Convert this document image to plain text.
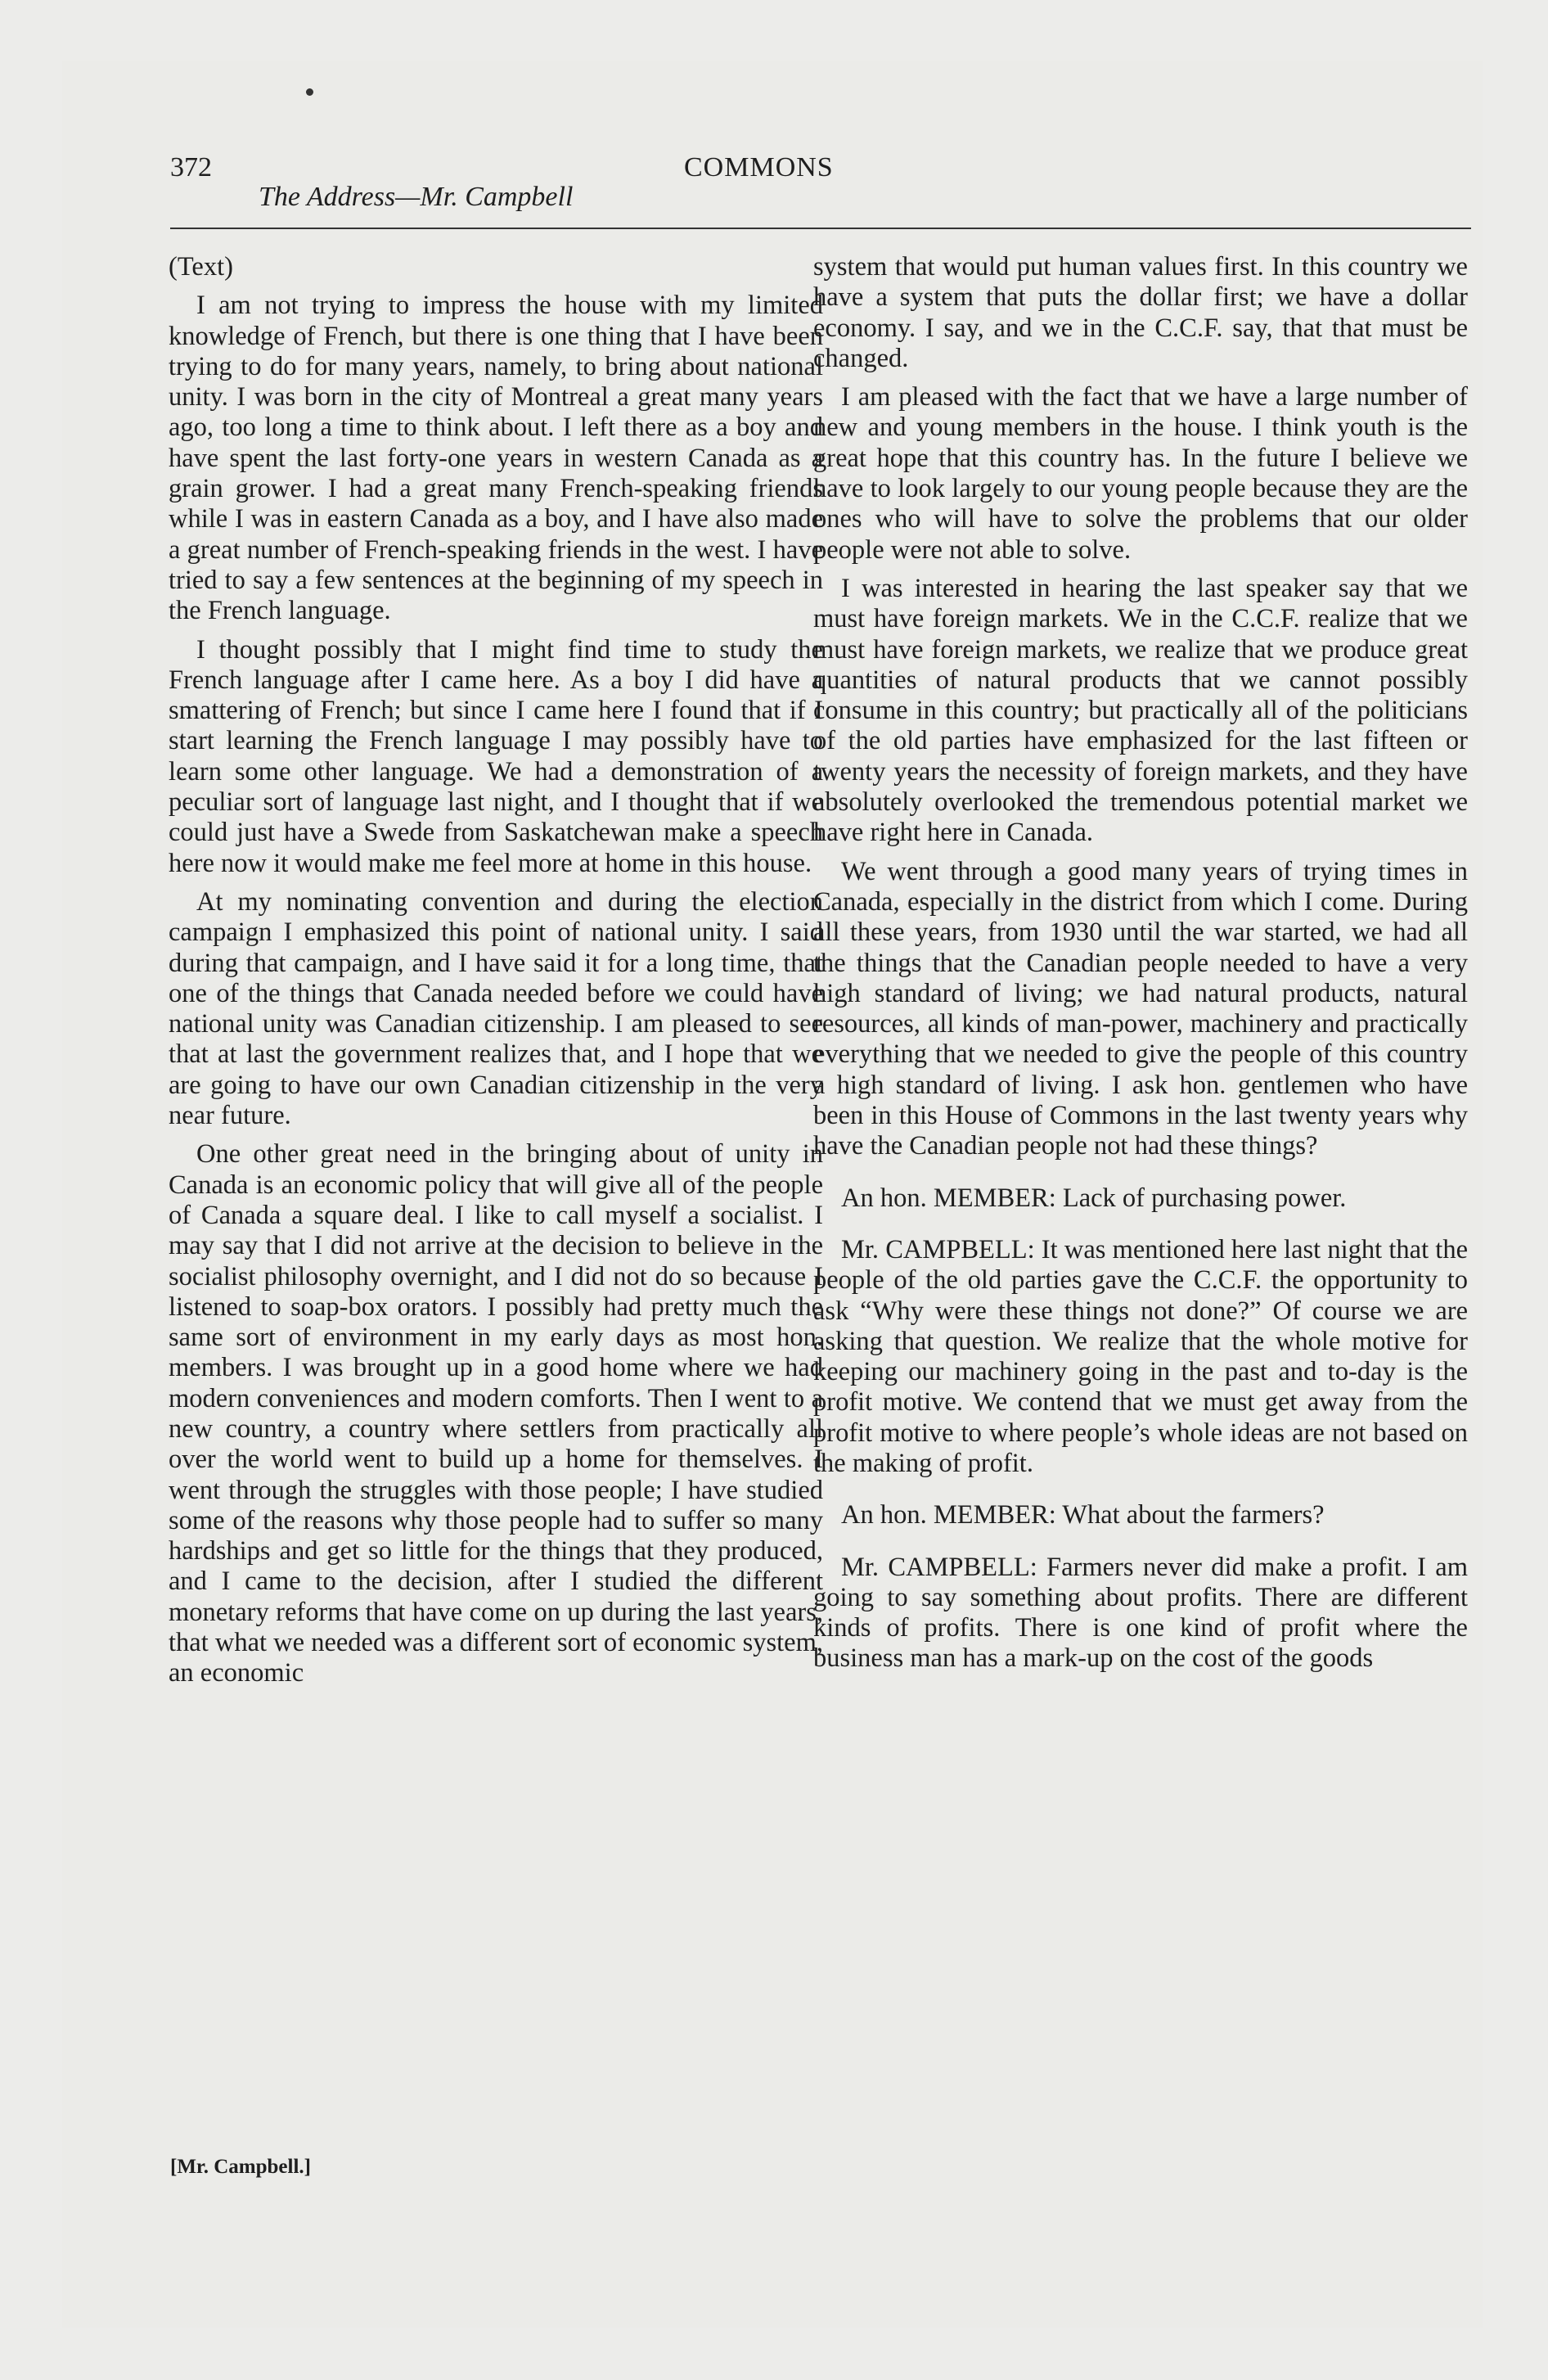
372
The Address—Mr. Campbell
COMMONS

(Text)

I am not trying to impress the house with my limited knowledge of French, but there is one thing that I have been trying to do for many years, namely, to bring about national unity. I was born in the city of Montreal a great many years ago, too long a time to think about. I left there as a boy and have spent the last forty-one years in western Canada as a grain grower. I had a great many French-speaking friends while I was in eastern Canada as a boy, and I have also made a great number of French-speaking friends in the west. I have tried to say a few sentences at the beginning of my speech in the French language.

I thought possibly that I might find time to study the French language after I came here. As a boy I did have a smattering of French; but since I came here I found that if I start learning the French language I may possibly have to learn some other language. We had a demonstration of a peculiar sort of language last night, and I thought that if we could just have a Swede from Saskatchewan make a speech here now it would make me feel more at home in this house.

At my nominating convention and during the election campaign I emphasized this point of national unity. I said during that campaign, and I have said it for a long time, that one of the things that Canada needed before we could have national unity was Canadian citizenship. I am pleased to see that at last the government realizes that, and I hope that we are going to have our own Canadian citizenship in the very near future.

One other great need in the bringing about of unity in Canada is an economic policy that will give all of the people of Canada a square deal. I like to call myself a socialist. I may say that I did not arrive at the decision to believe in the socialist philosophy overnight, and I did not do so because I listened to soap-box orators. I possibly had pretty much the same sort of environment in my early days as most hon. members. I was brought up in a good home where we had modern conveniences and modern comforts. Then I went to a new country, a country where settlers from practically all over the world went to build up a home for themselves. I went through the struggles with those people; I have studied some of the reasons why those people had to suffer so many hardships and get so little for the things that they produced, and I came to the decision, after I studied the different monetary reforms that have come on up during the last years, that what we needed was a different sort of economic system, an economic

system that would put human values first. In this country we have a system that puts the dollar first; we have a dollar economy. I say, and we in the C.C.F. say, that that must be changed.

I am pleased with the fact that we have a large number of new and young members in the house. I think youth is the great hope that this country has. In the future I believe we have to look largely to our young people because they are the ones who will have to solve the problems that our older people were not able to solve.

I was interested in hearing the last speaker say that we must have foreign markets. We in the C.C.F. realize that we must have foreign markets, we realize that we produce great quantities of natural products that we cannot possibly consume in this country; but practically all of the politicians of the old parties have emphasized for the last fifteen or twenty years the necessity of foreign markets, and they have absolutely overlooked the tremendous potential market we have right here in Canada.

We went through a good many years of trying times in Canada, especially in the district from which I come. During all these years, from 1930 until the war started, we had all the things that the Canadian people needed to have a very high standard of living; we had natural products, natural resources, all kinds of man-power, machinery and practically everything that we needed to give the people of this country a high standard of living. I ask hon. gentlemen who have been in this House of Commons in the last twenty years why have the Canadian people not had these things?

An hon. MEMBER: Lack of purchasing power.

Mr. CAMPBELL: It was mentioned here last night that the people of the old parties gave the C.C.F. the opportunity to ask “Why were these things not done?” Of course we are asking that question. We realize that the whole motive for keeping our machinery going in the past and to-day is the profit motive. We contend that we must get away from the profit motive to where people’s whole ideas are not based on the making of profit.

An hon. MEMBER: What about the farmers?

Mr. CAMPBELL: Farmers never did make a profit. I am going to say something about profits. There are different kinds of profits. There is one kind of profit where the business man has a mark-up on the cost of the goods

[Mr. Campbell.]
